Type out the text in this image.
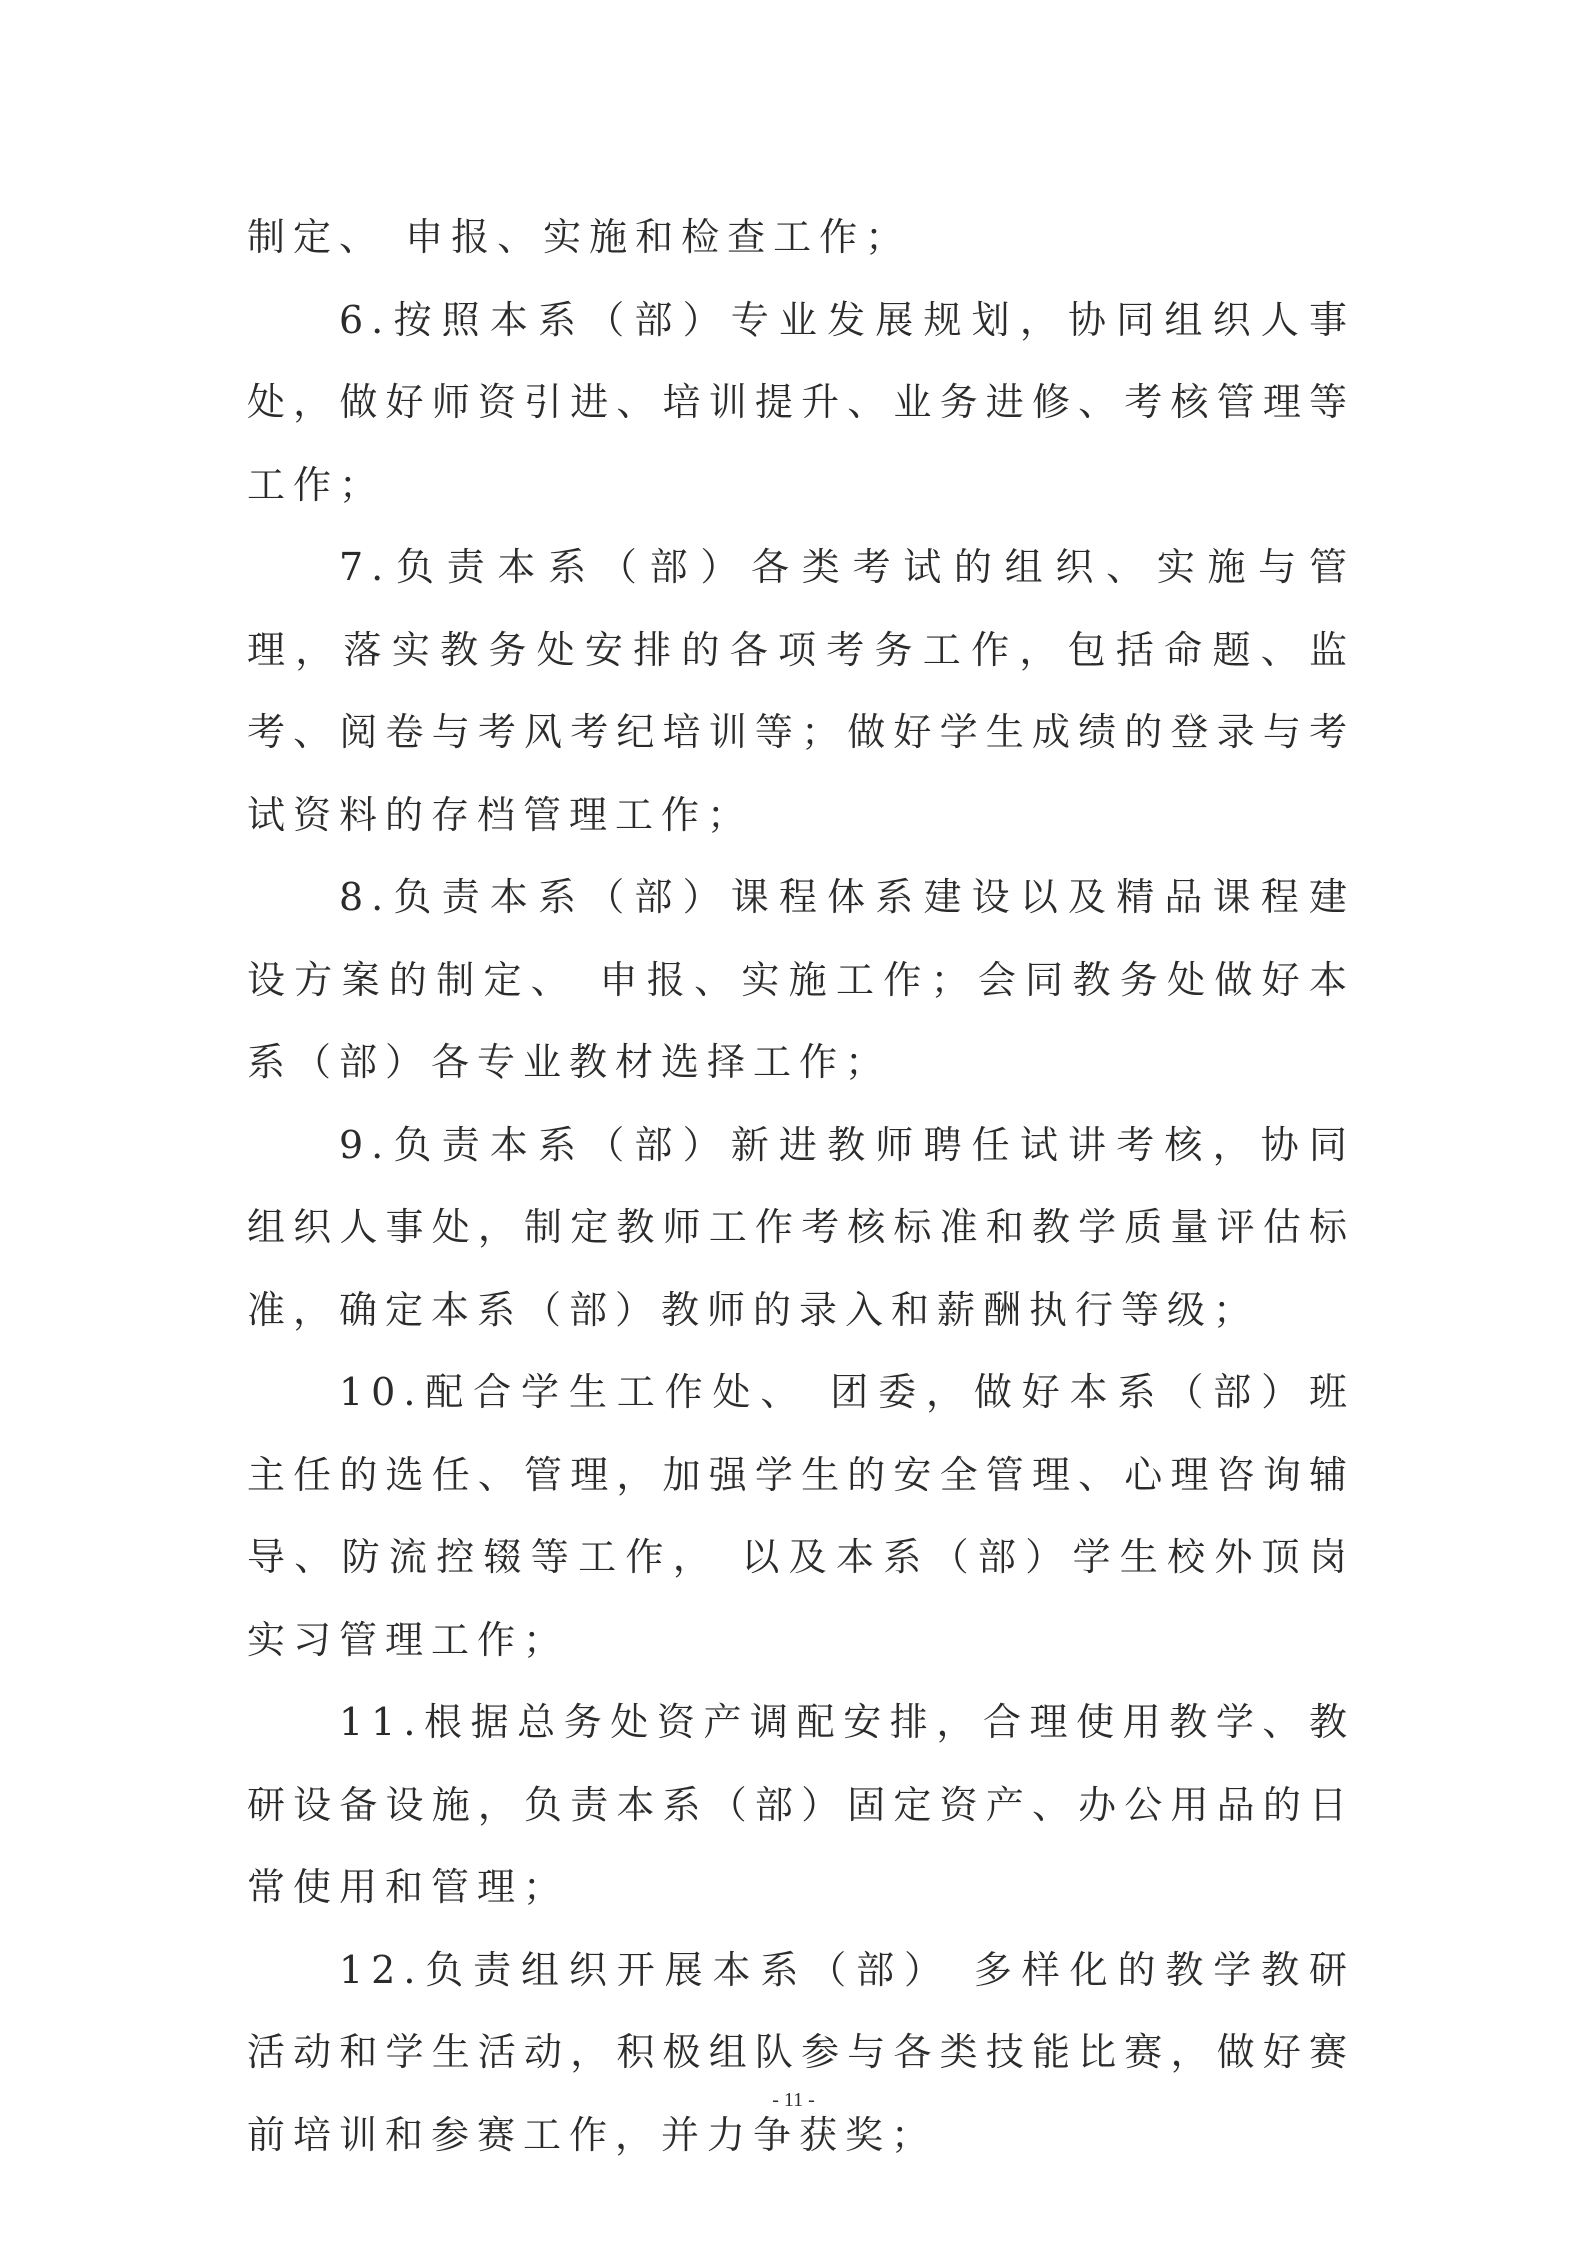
制定、 申报、实施和检查工作；

6.按照本系（部）专业发展规划，协同组织人事处，做好师资引进、培训提升、业务进修、考核管理等工作；

7.负责本系（部）各类考试的组织、实施与管理，落实教务处安排的各项考务工作，包括命题、监考、阅卷与考风考纪培训等；做好学生成绩的登录与考试资料的存档管理工作；

8.负责本系（部）课程体系建设以及精品课程建设方案的制定、 申报、实施工作；会同教务处做好本系（部）各专业教材选择工作；

9.负责本系（部）新进教师聘任试讲考核，协同组织人事处，制定教师工作考核标准和教学质量评估标准，确定本系（部）教师的录入和薪酬执行等级；

10.配合学生工作处、 团委，做好本系（部）班主任的选任、管理，加强学生的安全管理、心理咨询辅导、防流控辍等工作， 以及本系（部）学生校外顶岗实习管理工作；

11.根据总务处资产调配安排，合理使用教学、教研设备设施，负责本系（部）固定资产、办公用品的日常使用和管理；

12.负责组织开展本系（部） 多样化的教学教研活动和学生活动，积极组队参与各类技能比赛，做好赛前培训和参赛工作，并力争获奖；

- 11 -
